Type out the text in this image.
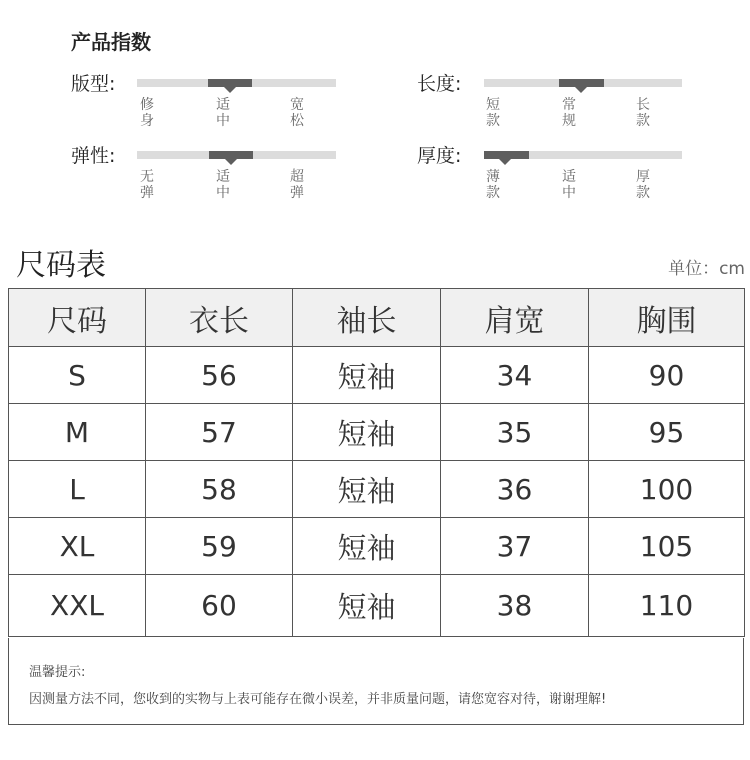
产品指数
版型:
修身
适中
宽松
长度:
短款
常规
长款
弹性:
无弹
适中
超弹
厚度:
薄款
适中
厚款
尺码表	单位：cm
尺码	衣长	袖长	肩宽	胸围
S	56	短袖	34	90
M	57	短袖	35	95
L	58	短袖	36	100
XL	59	短袖	37	105
XXL	60	短袖	38	110
温馨提示:
因测量方法不同，您收到的实物与上表可能存在微小误差，并非质量问题，请您宽容对待，谢谢理解!
